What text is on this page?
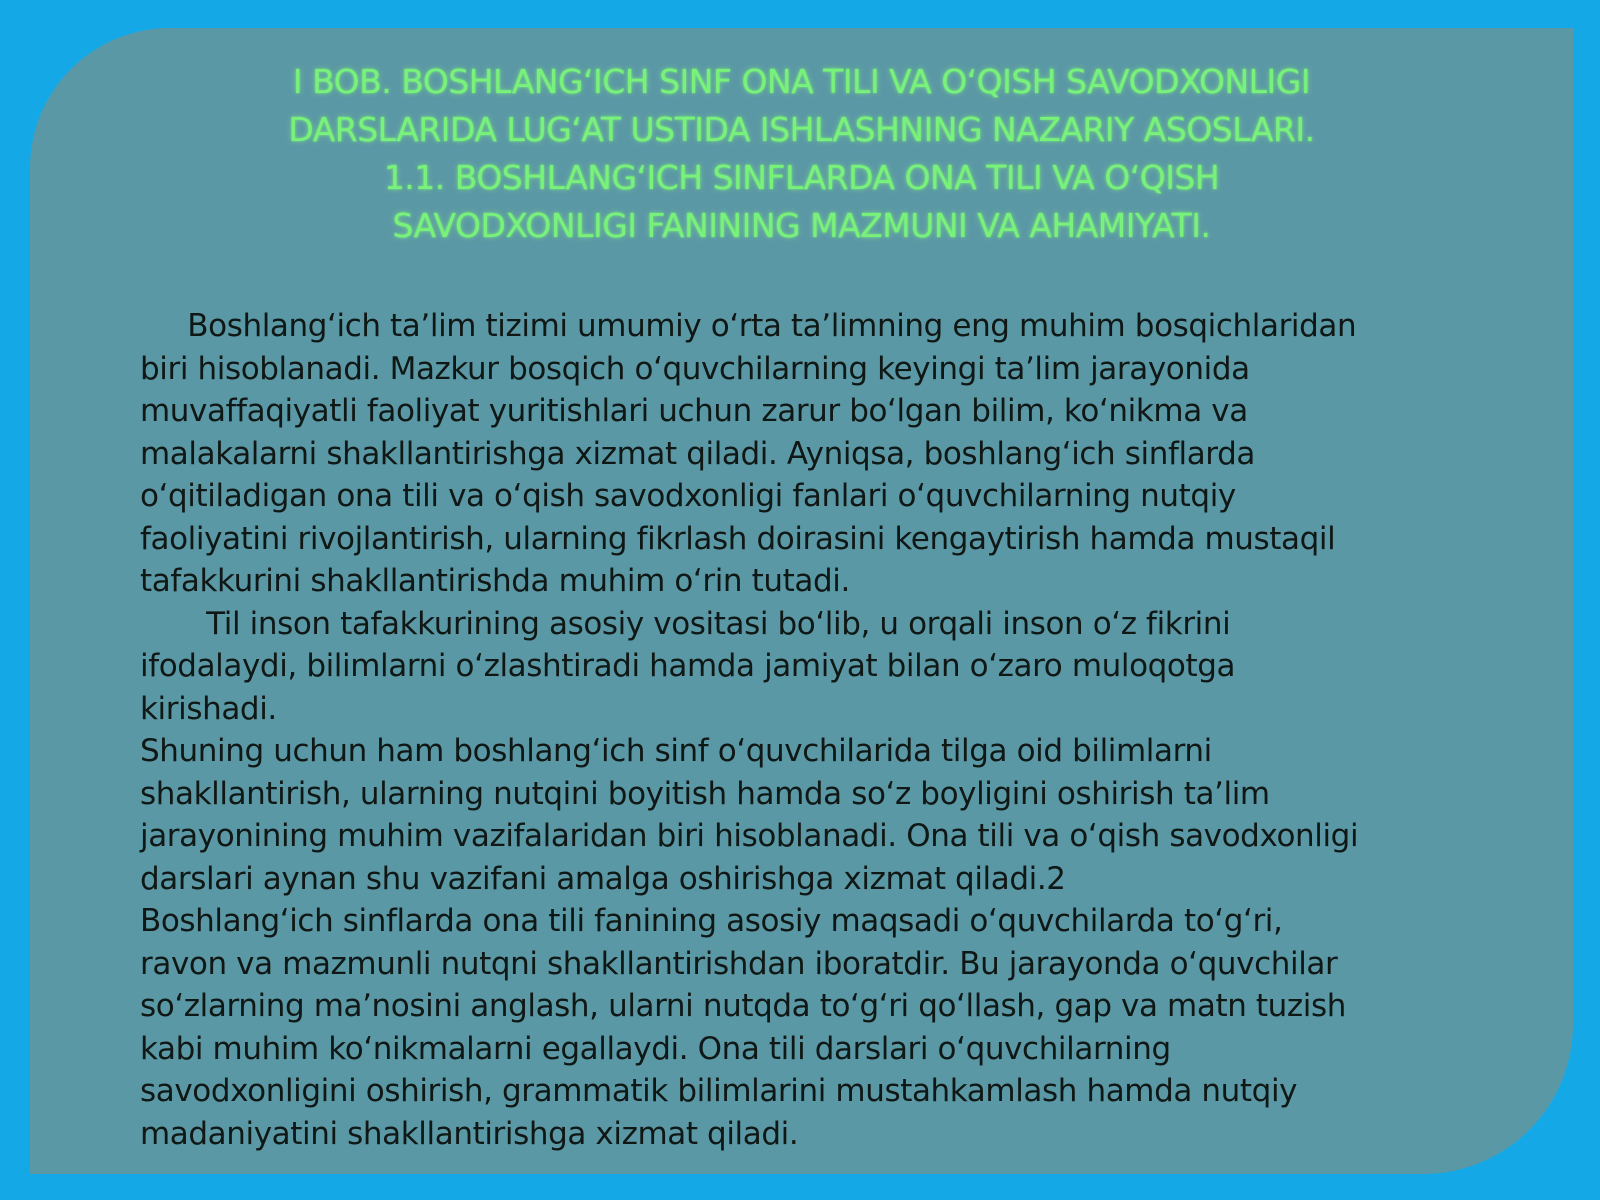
I BOB. BOSHLANG‘ICH SINF ONA TILI VA O‘QISH SAVODXONLIGI
DARSLARIDA LUG‘AT USTIDA ISHLASHNING NAZARIY ASOSLARI.
1.1. BOSHLANG‘ICH SINFLARDA ONA TILI VA O‘QISH
SAVODXONLIGI FANINING MAZMUNI VA AHAMIYATI.
Boshlang‘ich ta’lim tizimi umumiy o‘rta ta’limning eng muhim bosqichlaridan
biri hisoblanadi. Mazkur bosqich o‘quvchilarning keyingi ta’lim jarayonida
muvaffaqiyatli faoliyat yuritishlari uchun zarur bo‘lgan bilim, ko‘nikma va
malakalarni shakllantirishga xizmat qiladi. Ayniqsa, boshlang‘ich sinflarda
o‘qitiladigan ona tili va o‘qish savodxonligi fanlari o‘quvchilarning nutqiy
faoliyatini rivojlantirish, ularning fikrlash doirasini kengaytirish hamda mustaqil
tafakkurini shakllantirishda muhim o‘rin tutadi.
Til inson tafakkurining asosiy vositasi bo‘lib, u orqali inson o‘z fikrini
ifodalaydi, bilimlarni o‘zlashtiradi hamda jamiyat bilan o‘zaro muloqotga
kirishadi.
Shuning uchun ham boshlang‘ich sinf o‘quvchilarida tilga oid bilimlarni
shakllantirish, ularning nutqini boyitish hamda so‘z boyligini oshirish ta’lim
jarayonining muhim vazifalaridan biri hisoblanadi. Ona tili va o‘qish savodxonligi
darslari aynan shu vazifani amalga oshirishga xizmat qiladi.2
Boshlang‘ich sinflarda ona tili fanining asosiy maqsadi o‘quvchilarda to‘g‘ri,
ravon va mazmunli nutqni shakllantirishdan iboratdir. Bu jarayonda o‘quvchilar
so‘zlarning ma’nosini anglash, ularni nutqda to‘g‘ri qo‘llash, gap va matn tuzish
kabi muhim ko‘nikmalarni egallaydi. Ona tili darslari o‘quvchilarning
savodxonligini oshirish, grammatik bilimlarini mustahkamlash hamda nutqiy
madaniyatini shakllantirishga xizmat qiladi.
